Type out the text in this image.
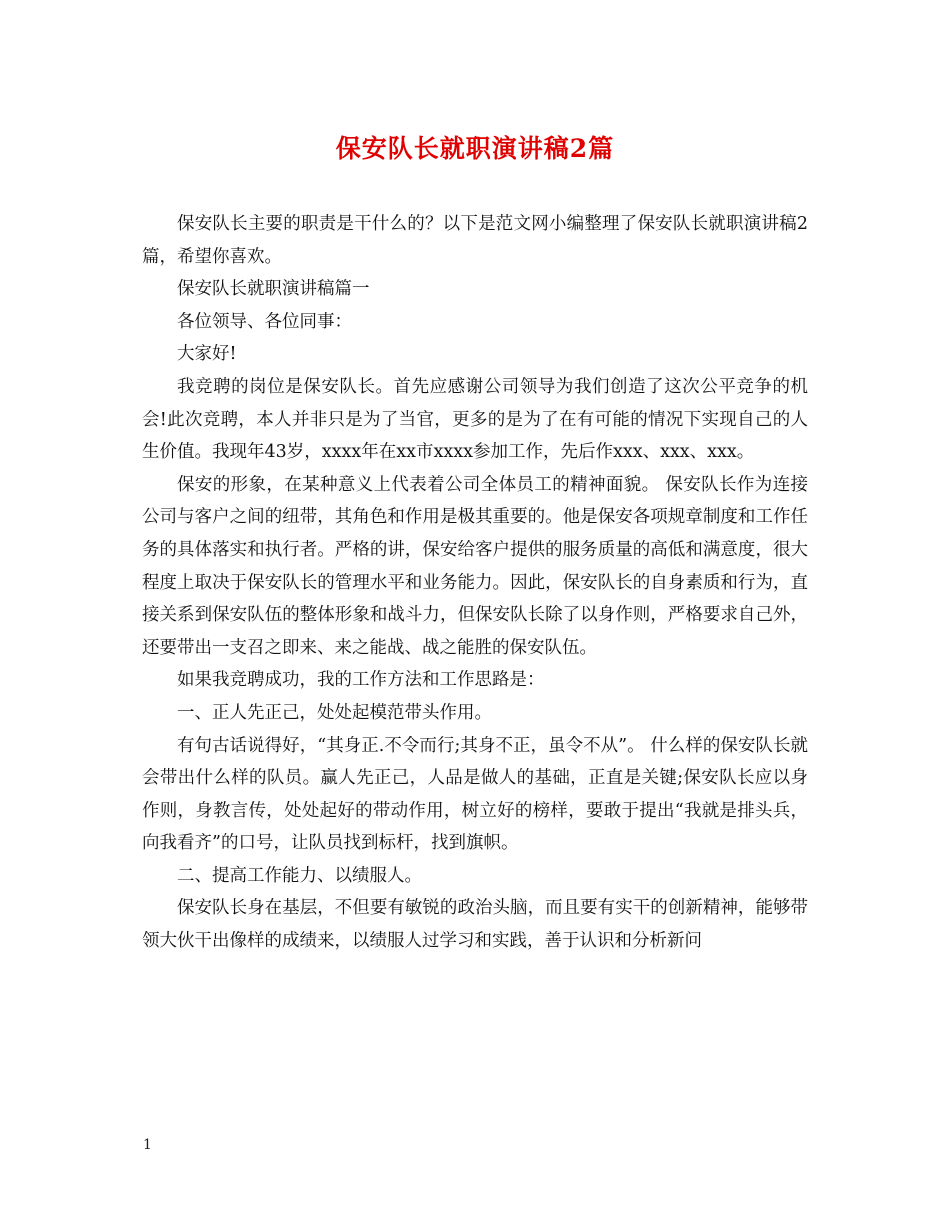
保安队长就职演讲稿2篇

保安队长主要的职责是干什么的？以下是范文网小编整理了保安队长就职演讲稿2篇，希望你喜欢。

保安队长就职演讲稿篇一

各位领导、各位同事：

大家好!

我竞聘的岗位是保安队长。首先应感谢公司领导为我们创造了这次公平竞争的机会!此次竞聘，本人并非只是为了当官，更多的是为了在有可能的情况下实现自己的人生价值。我现年43岁，xxxx年在xx市xxxx参加工作，先后作xxx、xxx、xxx。

保安的形象，在某种意义上代表着公司全体员工的精神面貌。 保安队长作为连接公司与客户之间的纽带，其角色和作用是极其重要的。他是保安各项规章制度和工作任务的具体落实和执行者。严格的讲，保安给客户提供的服务质量的高低和满意度，很大程度上取决于保安队长的管理水平和业务能力。因此，保安队长的自身素质和行为，直接关系到保安队伍的整体形象和战斗力，但保安队长除了以身作则，严格要求自己外，还要带出一支召之即来、来之能战、战之能胜的保安队伍。

如果我竞聘成功，我的工作方法和工作思路是：

一、正人先正己，处处起模范带头作用。

有句古话说得好，“其身正.不令而行;其身不正，虽令不从”。 什么样的保安队长就会带出什么样的队员。赢人先正己，人品是做人的基础，正直是关键;保安队长应以身作则，身教言传，处处起好的带动作用，树立好的榜样，要敢于提出“我就是排头兵，向我看齐”的口号，让队员找到标杆，找到旗帜。

二、提高工作能力、以绩服人。

保安队长身在基层，不但要有敏锐的政治头脑，而且要有实干的创新精神，能够带领大伙干出像样的成绩来，以绩服人过学习和实践，善于认识和分析新问

1
